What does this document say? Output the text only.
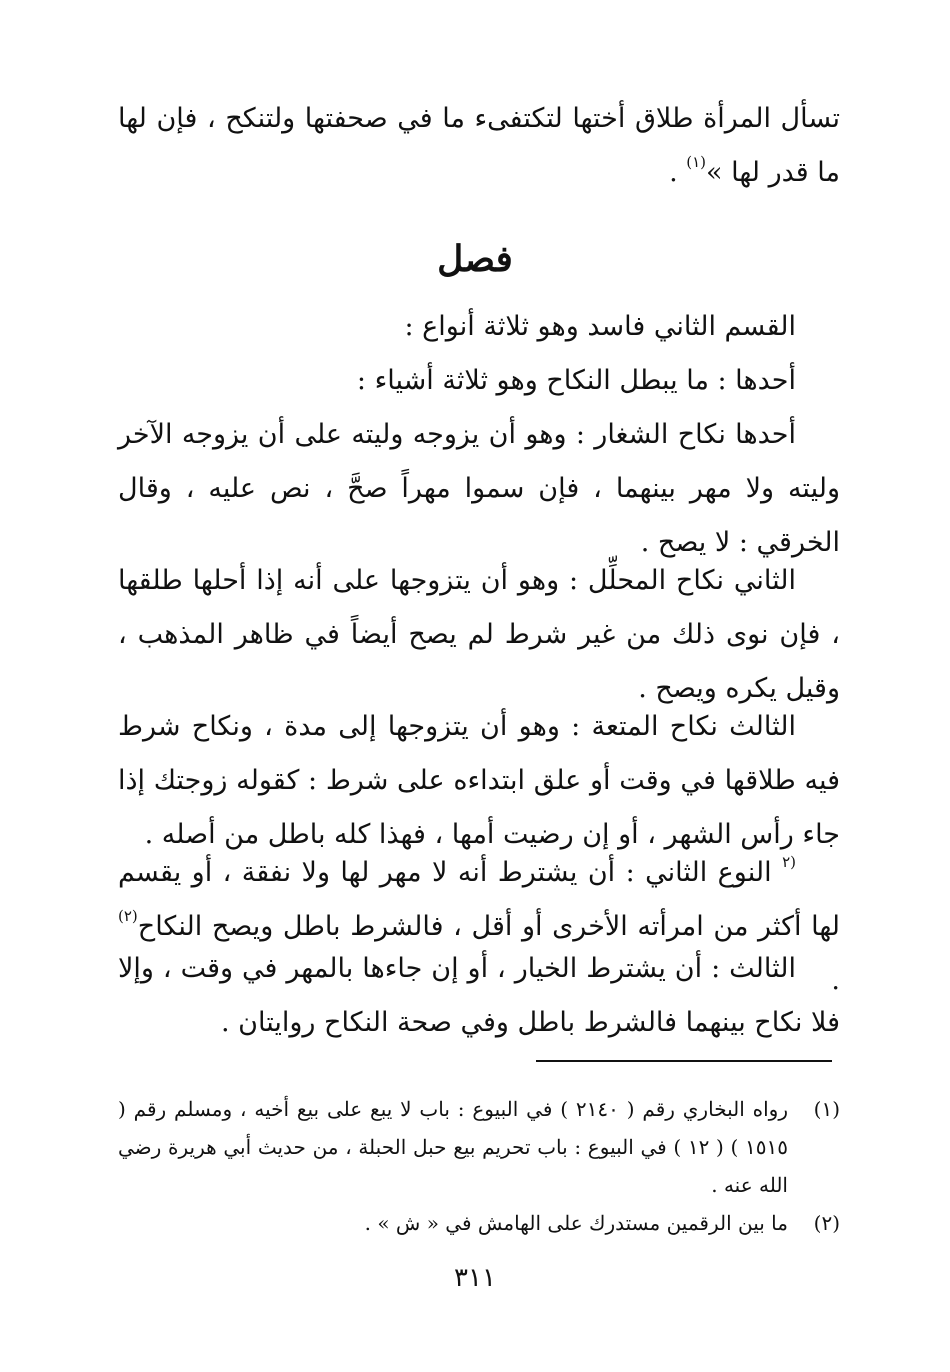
تسأل المرأة طلاق أختها لتكتفىء ما في صحفتها ولتنكح ، فإن لها ما قدر لها »$^{(١)}$ .
فصل
القسم الثاني فاسد وهو ثلاثة أنواع :
أحدها : ما يبطل النكاح وهو ثلاثة أشياء :
أحدها نكاح الشغار : وهو أن يزوجه وليته على أن يزوجه الآخر وليته ولا مهر بينهما ، فإن سموا مهراً صحَّ ، نص عليه ، وقال الخرقي : لا يصح .
الثاني نكاح المحلِّل : وهو أن يتزوجها على أنه إذا أحلها طلقها ، فإن نوى ذلك من غير شرط لم يصح أيضاً في ظاهر المذهب ، وقيل يكره ويصح .
الثالث نكاح المتعة : وهو أن يتزوجها إلى مدة ، ونكاح شرط فيه طلاقها في وقت أو علق ابتداءه على شرط : كقوله زوجتك إذا جاء رأس الشهر ، أو إن رضيت أمها ، فهذا كله باطل من أصله .
$^{(٢}$ النوع الثاني : أن يشترط أنه لا مهر لها ولا نفقة ، أو يقسم لها أكثر من امرأته الأخرى أو أقل ، فالشرط باطل ويصح النكاح$^{(٢)}$ .
الثالث : أن يشترط الخيار ، أو إن جاءها بالمهر في وقت ، وإلا فلا نكاح بينهما فالشرط باطل وفي صحة النكاح روايتان .
(١)
رواه البخاري رقم ( ٢١٤٠ ) في البيوع : باب لا يبع على بيع أخيه ، ومسلم رقم ( ١٥١٥ ) ( ١٢ ) في البيوع : باب تحريم بيع حبل الحبلة ، من حديث أبي هريرة رضي الله عنه .
(٢)
ما بين الرقمين مستدرك على الهامش في « ش » .
٣١١
